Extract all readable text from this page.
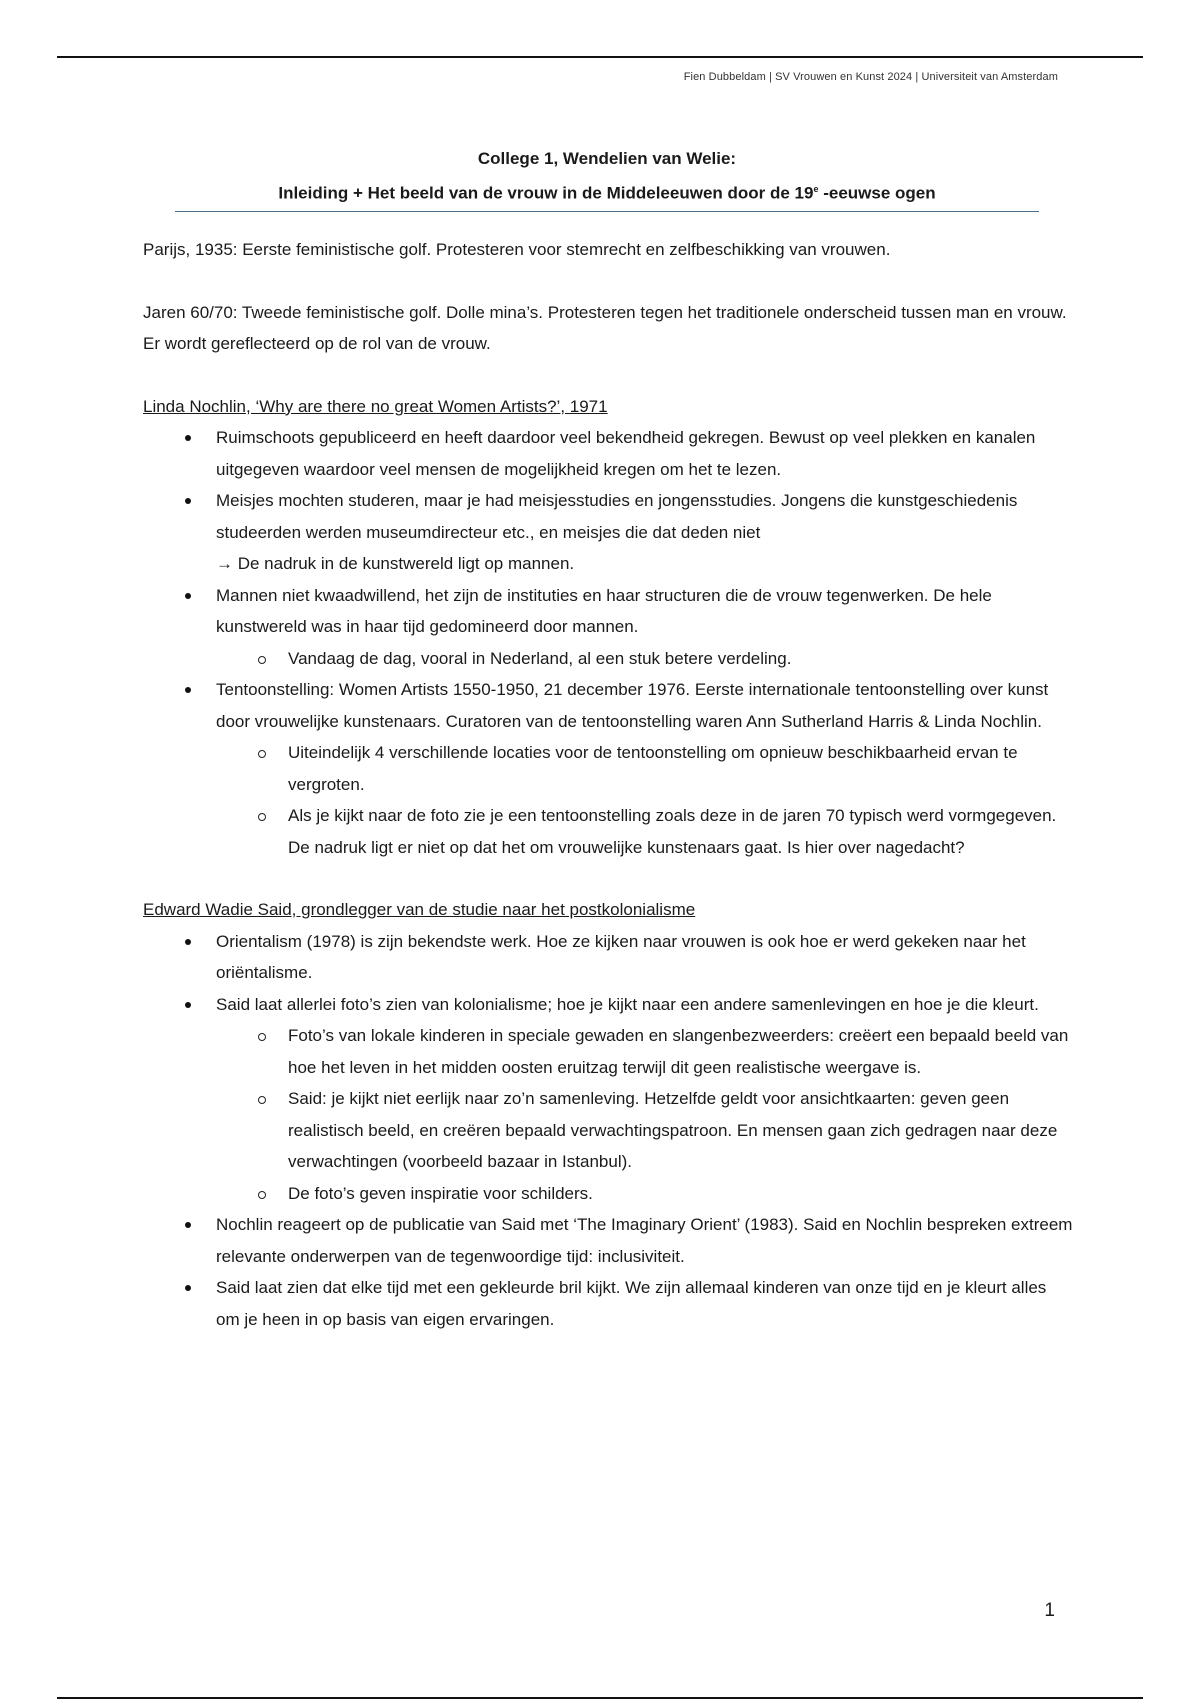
Fien Dubbeldam | SV Vrouwen en Kunst 2024 | Universiteit van Amsterdam
College 1, Wendelien van Welie:
Inleiding + Het beeld van de vrouw in de Middeleeuwen door de 19e -eeuwse ogen

Parijs, 1935: Eerste feministische golf. Protesteren voor stemrecht en zelfbeschikking van vrouwen.

Jaren 60/70: Tweede feministische golf. Dolle mina’s. Protesteren tegen het traditionele onderscheid tussen man en vrouw. Er wordt gereflecteerd op de rol van de vrouw.

Linda Nochlin, ‘Why are there no great Women Artists?’, 1971
Ruimschoots gepubliceerd en heeft daardoor veel bekendheid gekregen. Bewust op veel plekken en kanalen uitgegeven waardoor veel mensen de mogelijkheid kregen om het te lezen.
Meisjes mochten studeren, maar je had meisjesstudies en jongensstudies. Jongens die kunstgeschiedenis studeerden werden museumdirecteur etc., en meisjes die dat deden niet
→ De nadruk in de kunstwereld ligt op mannen.
Mannen niet kwaadwillend, het zijn de instituties en haar structuren die de vrouw tegenwerken. De hele kunstwereld was in haar tijd gedomineerd door mannen.
Vandaag de dag, vooral in Nederland, al een stuk betere verdeling.
Tentoonstelling: Women Artists 1550-1950, 21 december 1976. Eerste internationale tentoonstelling over kunst door vrouwelijke kunstenaars. Curatoren van de tentoonstelling waren Ann Sutherland Harris & Linda Nochlin.
Uiteindelijk 4 verschillende locaties voor de tentoonstelling om opnieuw beschikbaarheid ervan te vergroten.
Als je kijkt naar de foto zie je een tentoonstelling zoals deze in de jaren 70 typisch werd vormgegeven. De nadruk ligt er niet op dat het om vrouwelijke kunstenaars gaat. Is hier over nagedacht?
Edward Wadie Said, grondlegger van de studie naar het postkolonialisme
Orientalism (1978) is zijn bekendste werk. Hoe ze kijken naar vrouwen is ook hoe er werd gekeken naar het oriëntalisme.
Said laat allerlei foto’s zien van kolonialisme; hoe je kijkt naar een andere samenlevingen en hoe je die kleurt.
Foto’s van lokale kinderen in speciale gewaden en slangenbezweerders: creëert een bepaald beeld van hoe het leven in het midden oosten eruitzag terwijl dit geen realistische weergave is.
Said: je kijkt niet eerlijk naar zo’n samenleving. Hetzelfde geldt voor ansichtkaarten: geven geen realistisch beeld, en creëren bepaald verwachtingspatroon. En mensen gaan zich gedragen naar deze verwachtingen (voorbeeld bazaar in Istanbul).
De foto’s geven inspiratie voor schilders.
Nochlin reageert op de publicatie van Said met ‘The Imaginary Orient’ (1983). Said en Nochlin bespreken extreem relevante onderwerpen van de tegenwoordige tijd: inclusiviteit.
Said laat zien dat elke tijd met een gekleurde bril kijkt. We zijn allemaal kinderen van onze tijd en je kleurt alles om je heen in op basis van eigen ervaringen.
1
